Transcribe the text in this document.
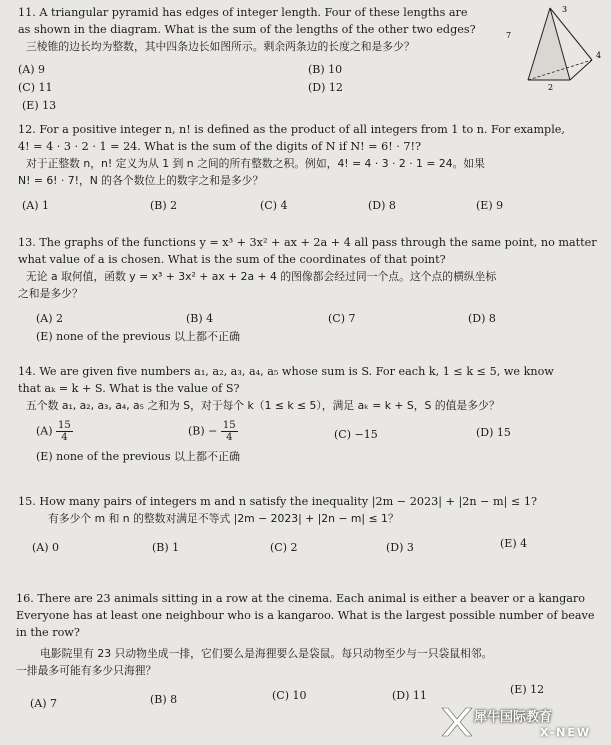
11. A triangular pyramid has edges of integer length. Four of these lengths are
as shown in the diagram. What is the sum of the lengths of the other two edges?
三棱锥的边长均为整数，其中四条边长如图所示。剩余两条边的长度之和是多少？
(A) 9	(B) 10
(C) 11	(D) 12
(E) 13
3
7
4
2
12. For a positive integer n, n! is defined as the product of all integers from 1 to n. For example,
4! = 4 · 3 · 2 · 1 = 24. What is the sum of the digits of N if N! = 6! · 7!?
对于正整数 n，n! 定义为从 1 到 n 之间的所有整数之积。例如，4! = 4 · 3 · 2 · 1 = 24。如果
N! = 6! · 7!，N 的各个数位上的数字之和是多少？
(A) 1	(B) 2	(C) 4	(D) 8	(E) 9
13. The graphs of the functions y = x³ + 3x² + ax + 2a + 4 all pass through the same point, no matter
what value of a is chosen. What is the sum of the coordinates of that point?
无论 a 取何值，函数 y = x³ + 3x² + ax + 2a + 4 的图像都会经过同一个点。这个点的横纵坐标
之和是多少？
(A) 2	(B) 4	(C) 7	(D) 8
(E) none of the previous 以上都不正确
14. We are given five numbers a₁, a₂, a₃, a₄, a₅ whose sum is S. For each k, 1 ≤ k ≤ 5, we know
that aₖ = k + S. What is the value of S?
五个数 a₁, a₂, a₃, a₄, a₅ 之和为 S，对于每个 k（1 ≤ k ≤ 5），满足 aₖ = k + S，S 的值是多少？
$(A) \frac{15}{4}$	$(B) - \frac{15}{4}$	(C) −15	(D) 15
(E) none of the previous 以上都不正确
15. How many pairs of integers m and n satisfy the inequality |2m − 2023| + |2n − m| ≤ 1?
有多少个 m 和 n 的整数对满足不等式 |2m − 2023| + |2n − m| ≤ 1？
(A) 0	(B) 1	(C) 2	(D) 3	(E) 4
16. There are 23 animals sitting in a row at the cinema. Each animal is either a beaver or a kangaro
Everyone has at least one neighbour who is a kangaroo. What is the largest possible number of beave
in the row?
电影院里有 23 只动物坐成一排，它们要么是海狸要么是袋鼠。每只动物至少与一只袋鼠相邻。
一排最多可能有多少只海狸？
(A) 7	(B) 8	(C) 10	(D) 11	(E) 12
犀牛国际教育
X-NEW
